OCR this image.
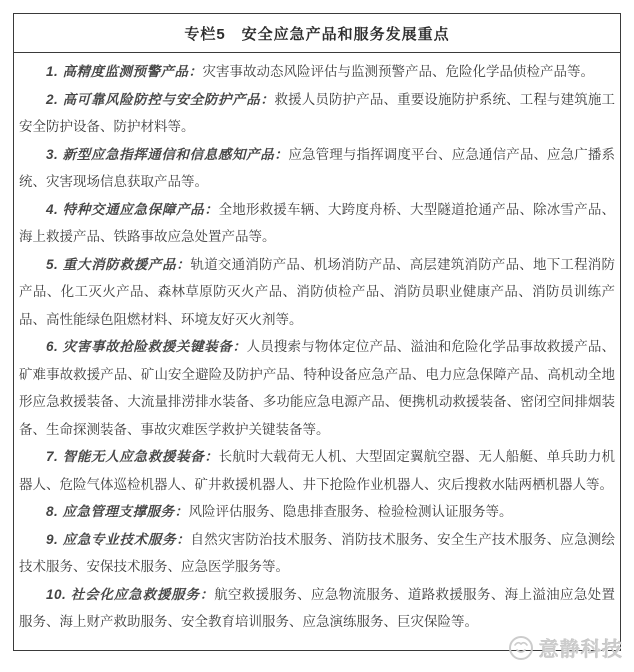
专栏5　安全应急产品和服务发展重点

1. 高精度监测预警产品：灾害事故动态风险评估与监测预警产品、危险化学品侦检产品等。

2. 高可靠风险防控与安全防护产品：救援人员防护产品、重要设施防护系统、工程与建筑施工安全防护设备、防护材料等。

3. 新型应急指挥通信和信息感知产品：应急管理与指挥调度平台、应急通信产品、应急广播系统、灾害现场信息获取产品等。

4. 特种交通应急保障产品：全地形救援车辆、大跨度舟桥、大型隧道抢通产品、除冰雪产品、海上救援产品、铁路事故应急处置产品等。

5. 重大消防救援产品：轨道交通消防产品、机场消防产品、高层建筑消防产品、地下工程消防产品、化工灭火产品、森林草原防灭火产品、消防侦检产品、消防员职业健康产品、消防员训练产品、高性能绿色阻燃材料、环境友好灭火剂等。

6. 灾害事故抢险救援关键装备：人员搜索与物体定位产品、溢油和危险化学品事故救援产品、矿难事故救援产品、矿山安全避险及防护产品、特种设备应急产品、电力应急保障产品、高机动全地形应急救援装备、大流量排涝排水装备、多功能应急电源产品、便携机动救援装备、密闭空间排烟装备、生命探测装备、事故灾难医学救护关键装备等。

7. 智能无人应急救援装备：长航时大载荷无人机、大型固定翼航空器、无人船艇、单兵助力机器人、危险气体巡检机器人、矿井救援机器人、井下抢险作业机器人、灾后搜救水陆两栖机器人等。

8. 应急管理支撑服务：风险评估服务、隐患排查服务、检验检测认证服务等。

9. 应急专业技术服务：自然灾害防治技术服务、消防技术服务、安全生产技术服务、应急测绘技术服务、安保技术服务、应急医学服务等。

10. 社会化应急救援服务：航空救援服务、应急物流服务、道路救援服务、海上溢油应急处置服务、海上财产救助服务、安全教育培训服务、应急演练服务、巨灾保险等。

意静科技
